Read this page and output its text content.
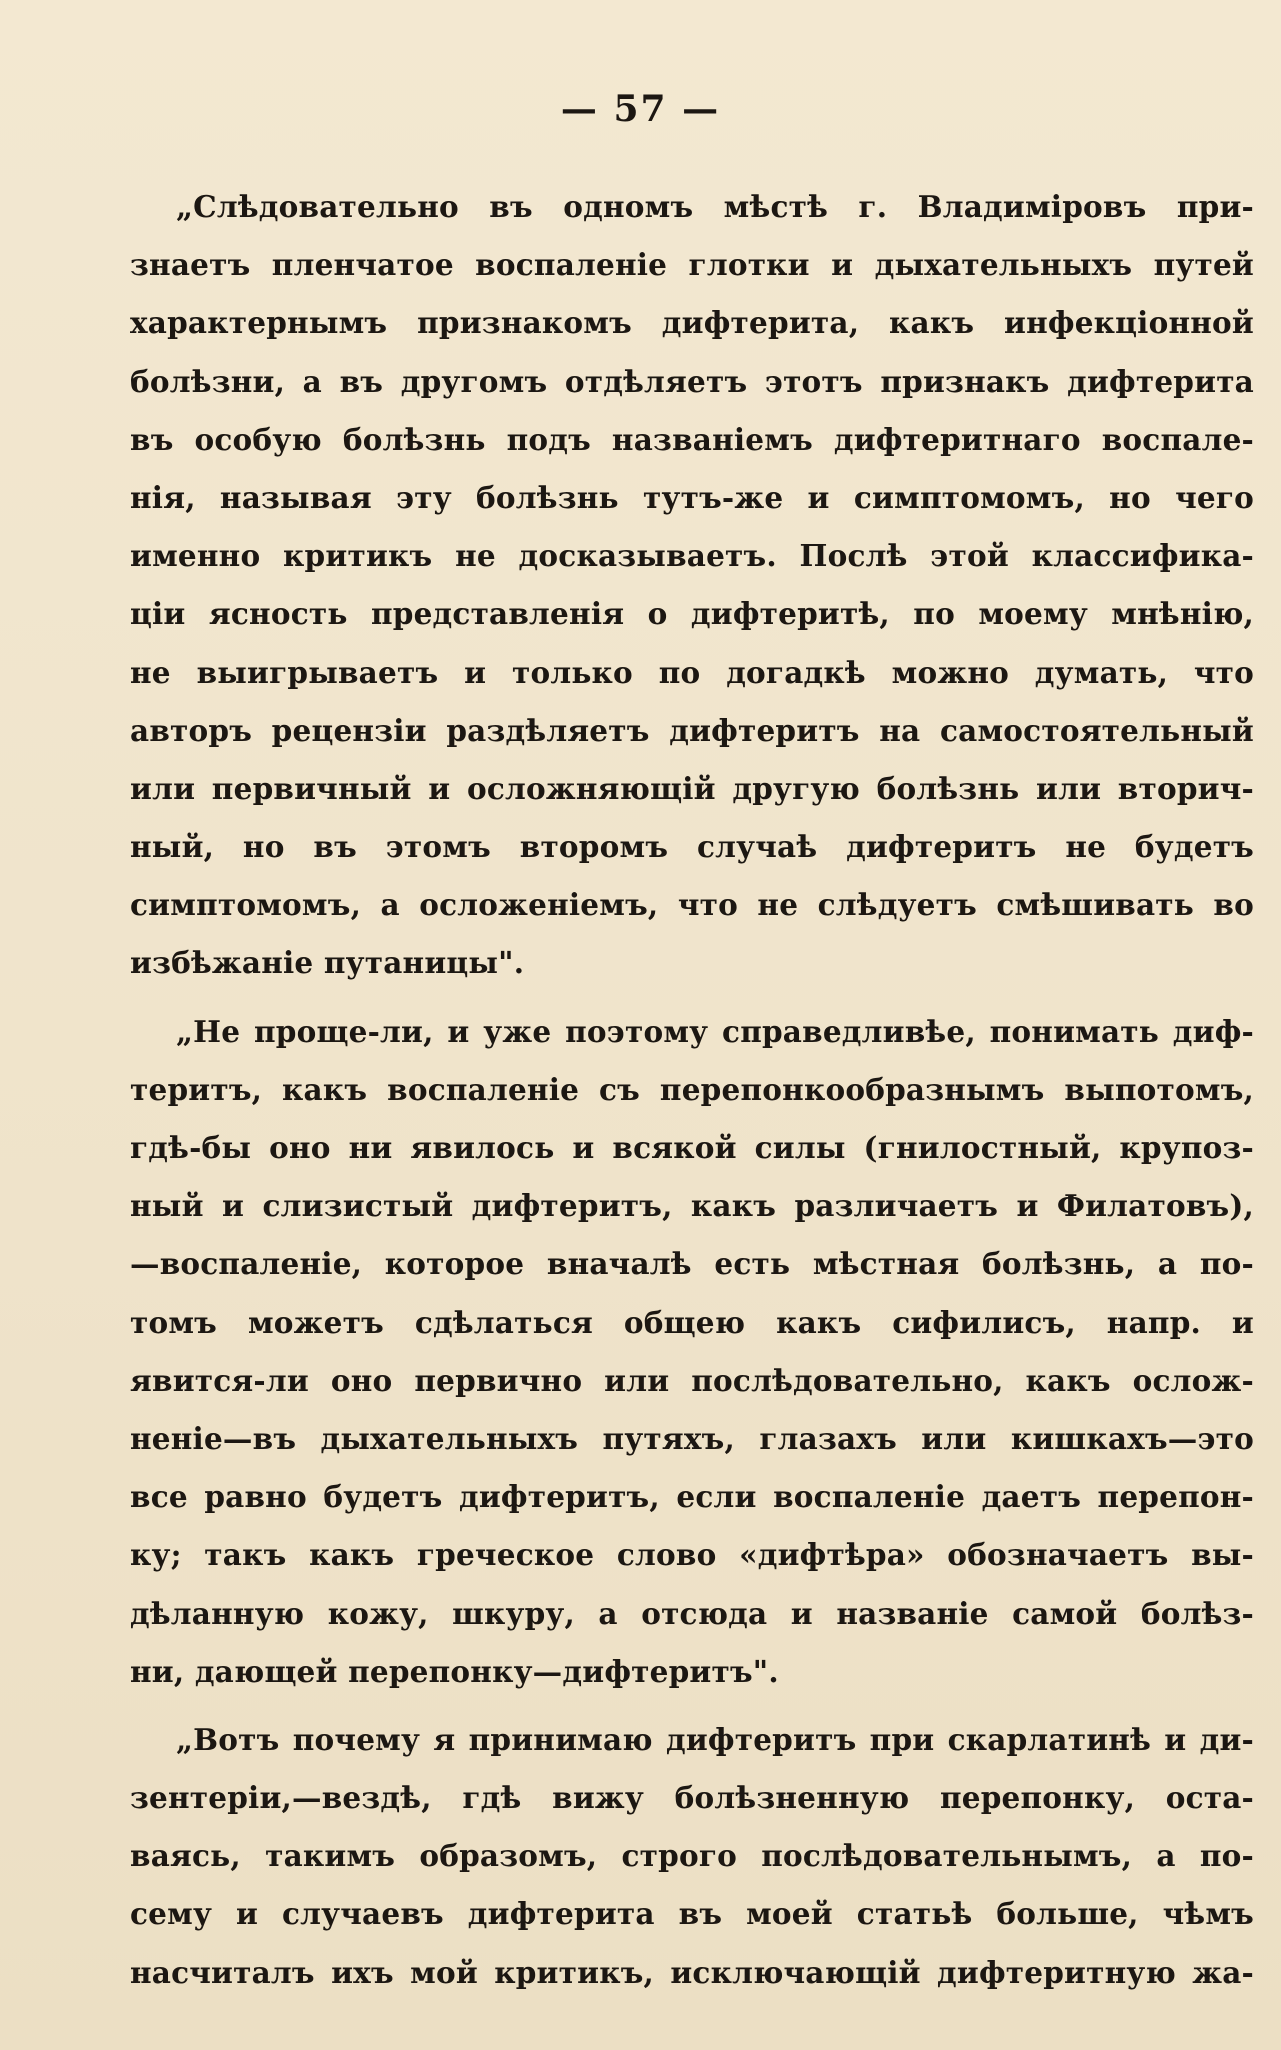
— 57 —
„Слѣдовательно въ одномъ мѣстѣ г. Владимiровъ при-
знаетъ пленчатое воспаленіе глотки и дыхательныхъ путей
характернымъ признакомъ дифтерита, какъ инфекціонной
болѣзни, а въ другомъ отдѣляетъ этотъ признакъ дифтерита
въ особую болѣзнь подъ названіемъ дифтеритнаго воспале-
нія, называя эту болѣзнь тутъ-же и симптомомъ, но чего
именно критикъ не досказываетъ. Послѣ этой классифика-
ціи ясность представленія о дифтеритѣ, по моему мнѣнію,
не выигрываетъ и только по догадкѣ можно думать, что
авторъ рецензіи раздѣляетъ дифтеритъ на самостоятельный
или первичный и осложняющій другую болѣзнь или вторич-
ный, но въ этомъ второмъ случаѣ дифтеритъ не будетъ
симптомомъ, а осложеніемъ, что не слѣдуетъ смѣшивать во
избѣжаніе путаницы".
„Не проще-ли, и уже поэтому справедливѣе, понимать диф-
теритъ, какъ воспаленіе съ перепонкообразнымъ выпотомъ,
гдѣ-бы оно ни явилось и всякой силы (гнилостный, крупоз-
ный и слизистый дифтеритъ, какъ различаетъ и Филатовъ),
—воспаленіе, которое вначалѣ есть мѣстная болѣзнь, а по-
томъ можетъ сдѣлаться общею какъ сифилисъ, напр. и
явится-ли оно первично или послѣдовательно, какъ ослож-
неніе—въ дыхательныхъ путяхъ, глазахъ или кишкахъ—это
все равно будетъ дифтеритъ, если воспаленіе даетъ перепон-
ку; такъ какъ греческое слово «дифтѣра» обозначаетъ вы-
дѣланную кожу, шкуру, а отсюда и названіе самой болѣз-
ни, дающей перепонку—дифтеритъ".
„Вотъ почему я принимаю дифтеритъ при скарлатинѣ и ди-
зентеріи,—вездѣ, гдѣ вижу болѣзненную перепонку, оста-
ваясь, такимъ образомъ, строго послѣдовательнымъ, а по-
сему и случаевъ дифтерита въ моей статьѣ больше, чѣмъ
насчиталъ ихъ мой критикъ, исключающій дифтеритную жа-
